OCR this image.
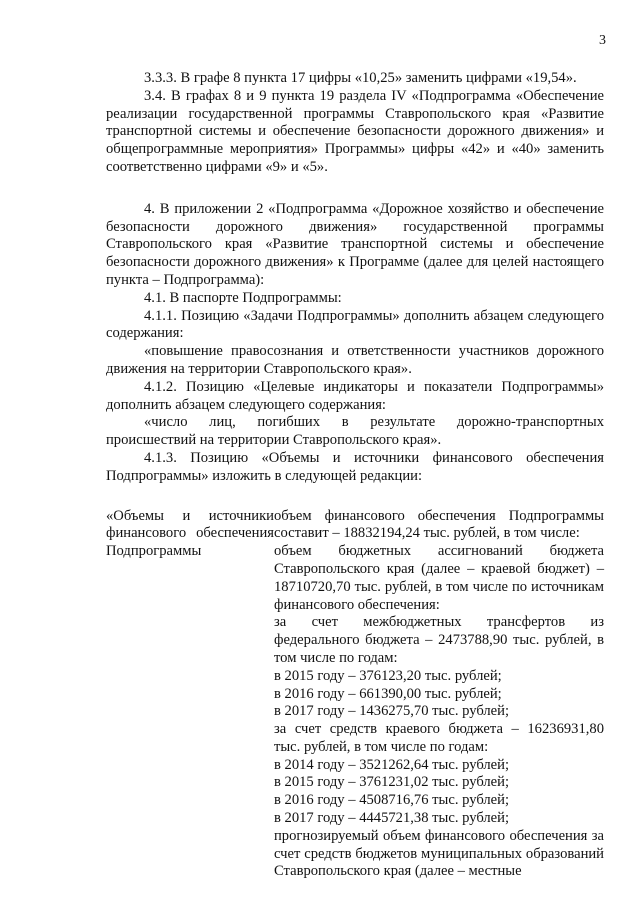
3

3.3.3. В графе 8 пункта 17 цифры «10,25» заменить цифрами «19,54».

3.4. В графах 8 и 9 пункта 19 раздела IV «Подпрограмма «Обеспечение реализации государственной программы Ставропольского края «Развитие транспортной системы и обеспечение безопасности дорожного движения» и общепрограммные мероприятия» Программы» цифры «42» и «40» заменить соответственно цифрами «9» и «5».

4. В приложении 2 «Подпрограмма «Дорожное хозяйство и обеспечение безопасности дорожного движения» государственной программы Ставропольского края «Развитие транспортной системы и обеспечение безопасности дорожного движения» к Программе (далее для целей настоящего пункта – Подпрограмма):

4.1. В паспорте Подпрограммы:

4.1.1. Позицию «Задачи Подпрограммы» дополнить абзацем следующего содержания:

«повышение правосознания и ответственности участников дорожного движения на территории Ставропольского края».

4.1.2. Позицию «Целевые индикаторы и показатели Подпрограммы» дополнить абзацем следующего содержания:

«число лиц, погибших в результате дорожно-транспортных происшествий на территории Ставропольского края».

4.1.3. Позицию «Объемы и источники финансового обеспечения Подпрограммы» изложить в следующей редакции:

«Объемы и источники финансового обеспечения Подпрограммы

объем финансового обеспечения Подпрограммы составит – 18832194,24 тыс. рублей, в том числе:

объем бюджетных ассигнований бюджета Ставропольского края (далее – краевой бюджет) – 18710720,70 тыс. рублей, в том числе по источникам финансового обеспечения:

за счет межбюджетных трансфертов из федерального бюджета – 2473788,90 тыс. рублей, в том числе по годам:

в 2015 году – 376123,20 тыс. рублей;

в 2016 году – 661390,00 тыс. рублей;

в 2017 году – 1436275,70 тыс. рублей;

за счет средств краевого бюджета – 16236931,80 тыс. рублей, в том числе по годам:

в 2014 году – 3521262,64 тыс. рублей;

в 2015 году – 3761231,02 тыс. рублей;

в 2016 году – 4508716,76 тыс. рублей;

в 2017 году – 4445721,38 тыс. рублей;

прогнозируемый объем финансового обеспечения за счет средств бюджетов муниципальных образований Ставропольского края (далее – местные
